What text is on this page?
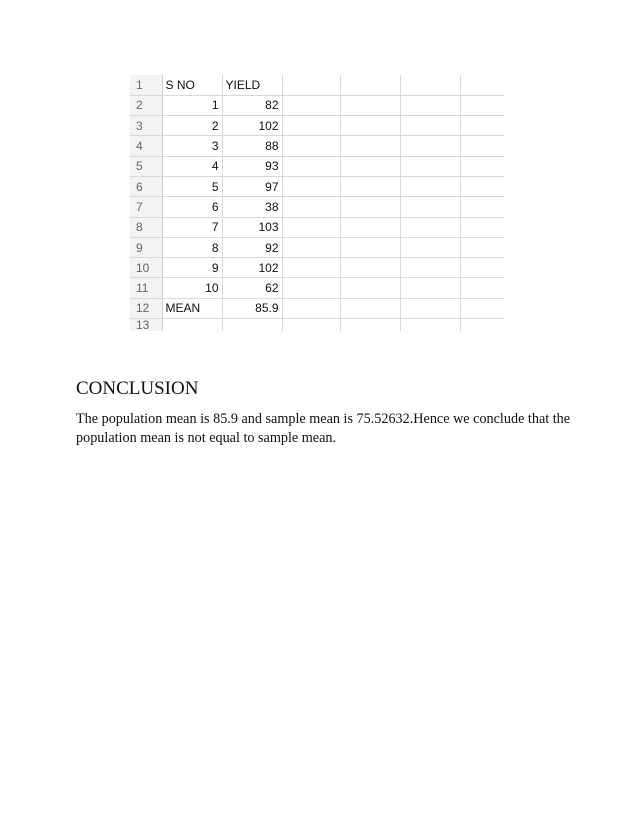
1	S NO	YIELD				
2	1	82				
3	2	102				
4	3	88				
5	4	93				
6	5	97				
7	6	38				
8	7	103				
9	8	92				
10	9	102				
11	10	62				
12	MEAN	85.9				
13						
CONCLUSION

The population mean is 85.9 and sample mean is 75.52632.Hence we conclude that the population mean is not equal to sample mean.
